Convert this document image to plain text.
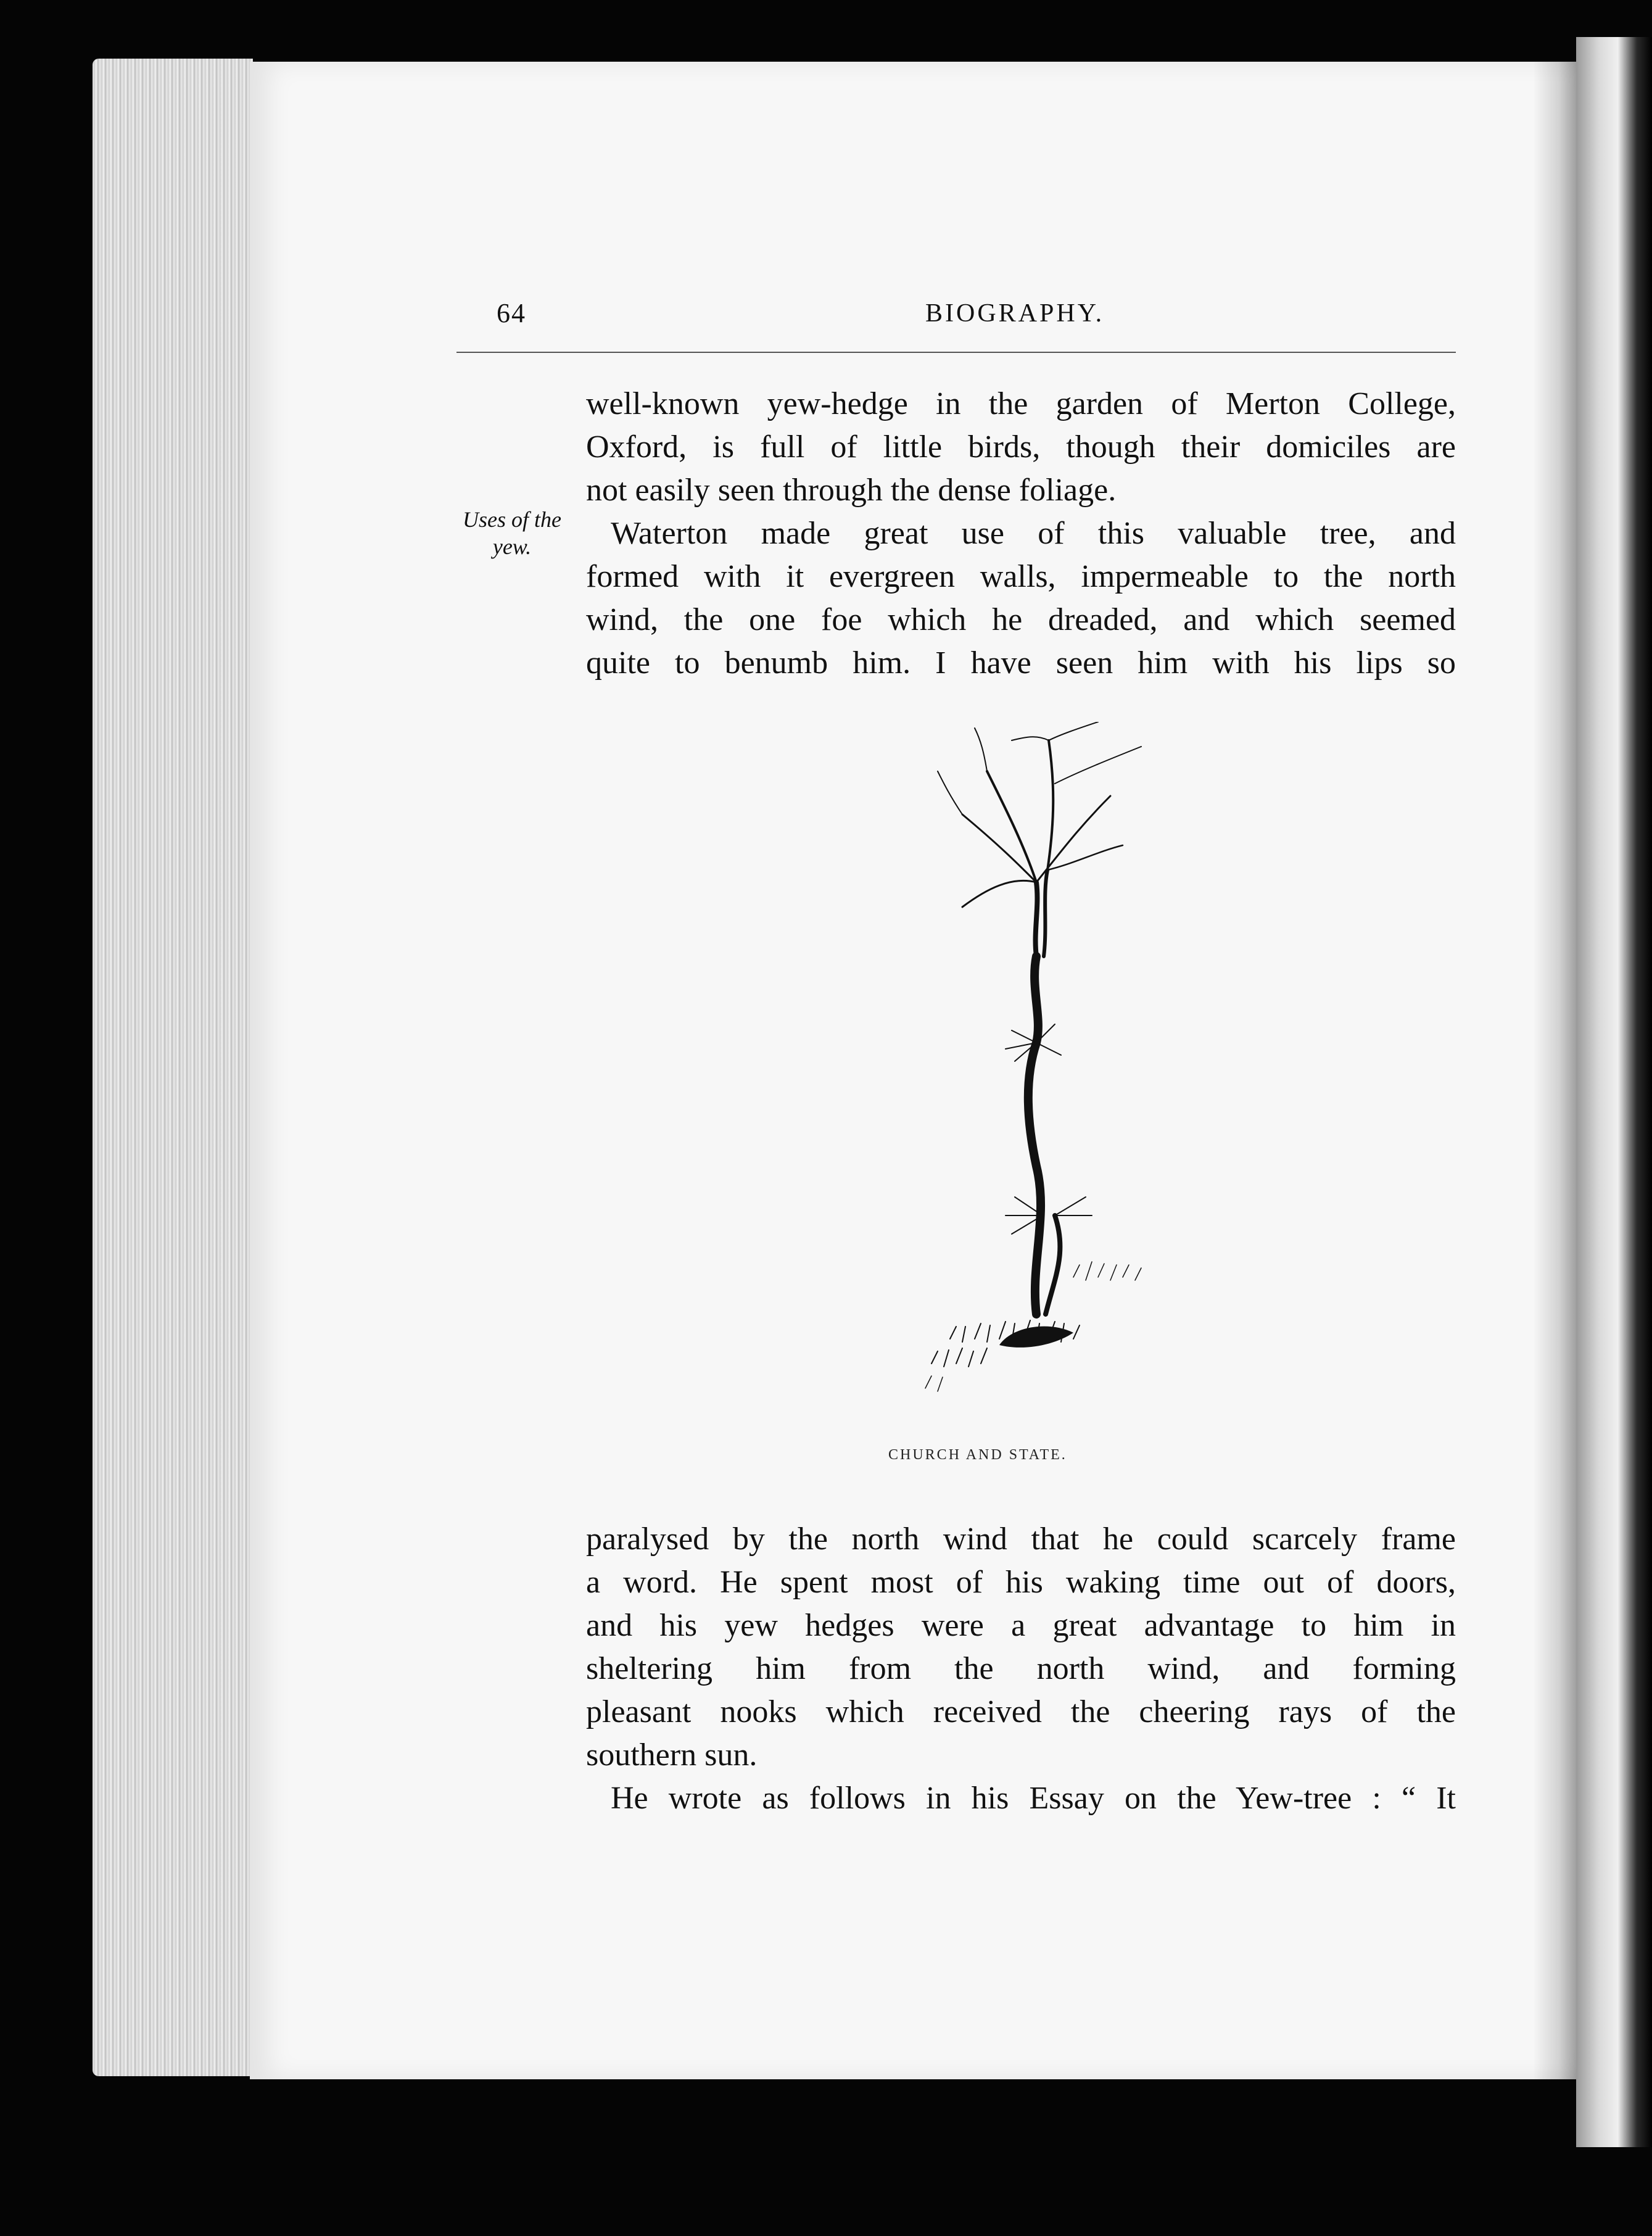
64	BIOGRAPHY.
well-known yew-hedge in the garden of Merton College,
Oxford, is full of little birds, though their domiciles are
not easily seen through the dense foliage.
Uses of the
yew.	Waterton made great use of this valuable tree, and
formed with it evergreen walls, impermeable to the north
wind, the one foe which he dreaded, and which seemed
quite to benumb him. I have seen him with his lips so
CHURCH AND STATE.
paralysed by the north wind that he could scarcely frame
a word. He spent most of his waking time out of doors,
and his yew hedges were a great advantage to him in
sheltering him from the north wind, and forming
pleasant nooks which received the cheering rays of the
southern sun.
He wrote as follows in his Essay on the Yew-tree : “ It
